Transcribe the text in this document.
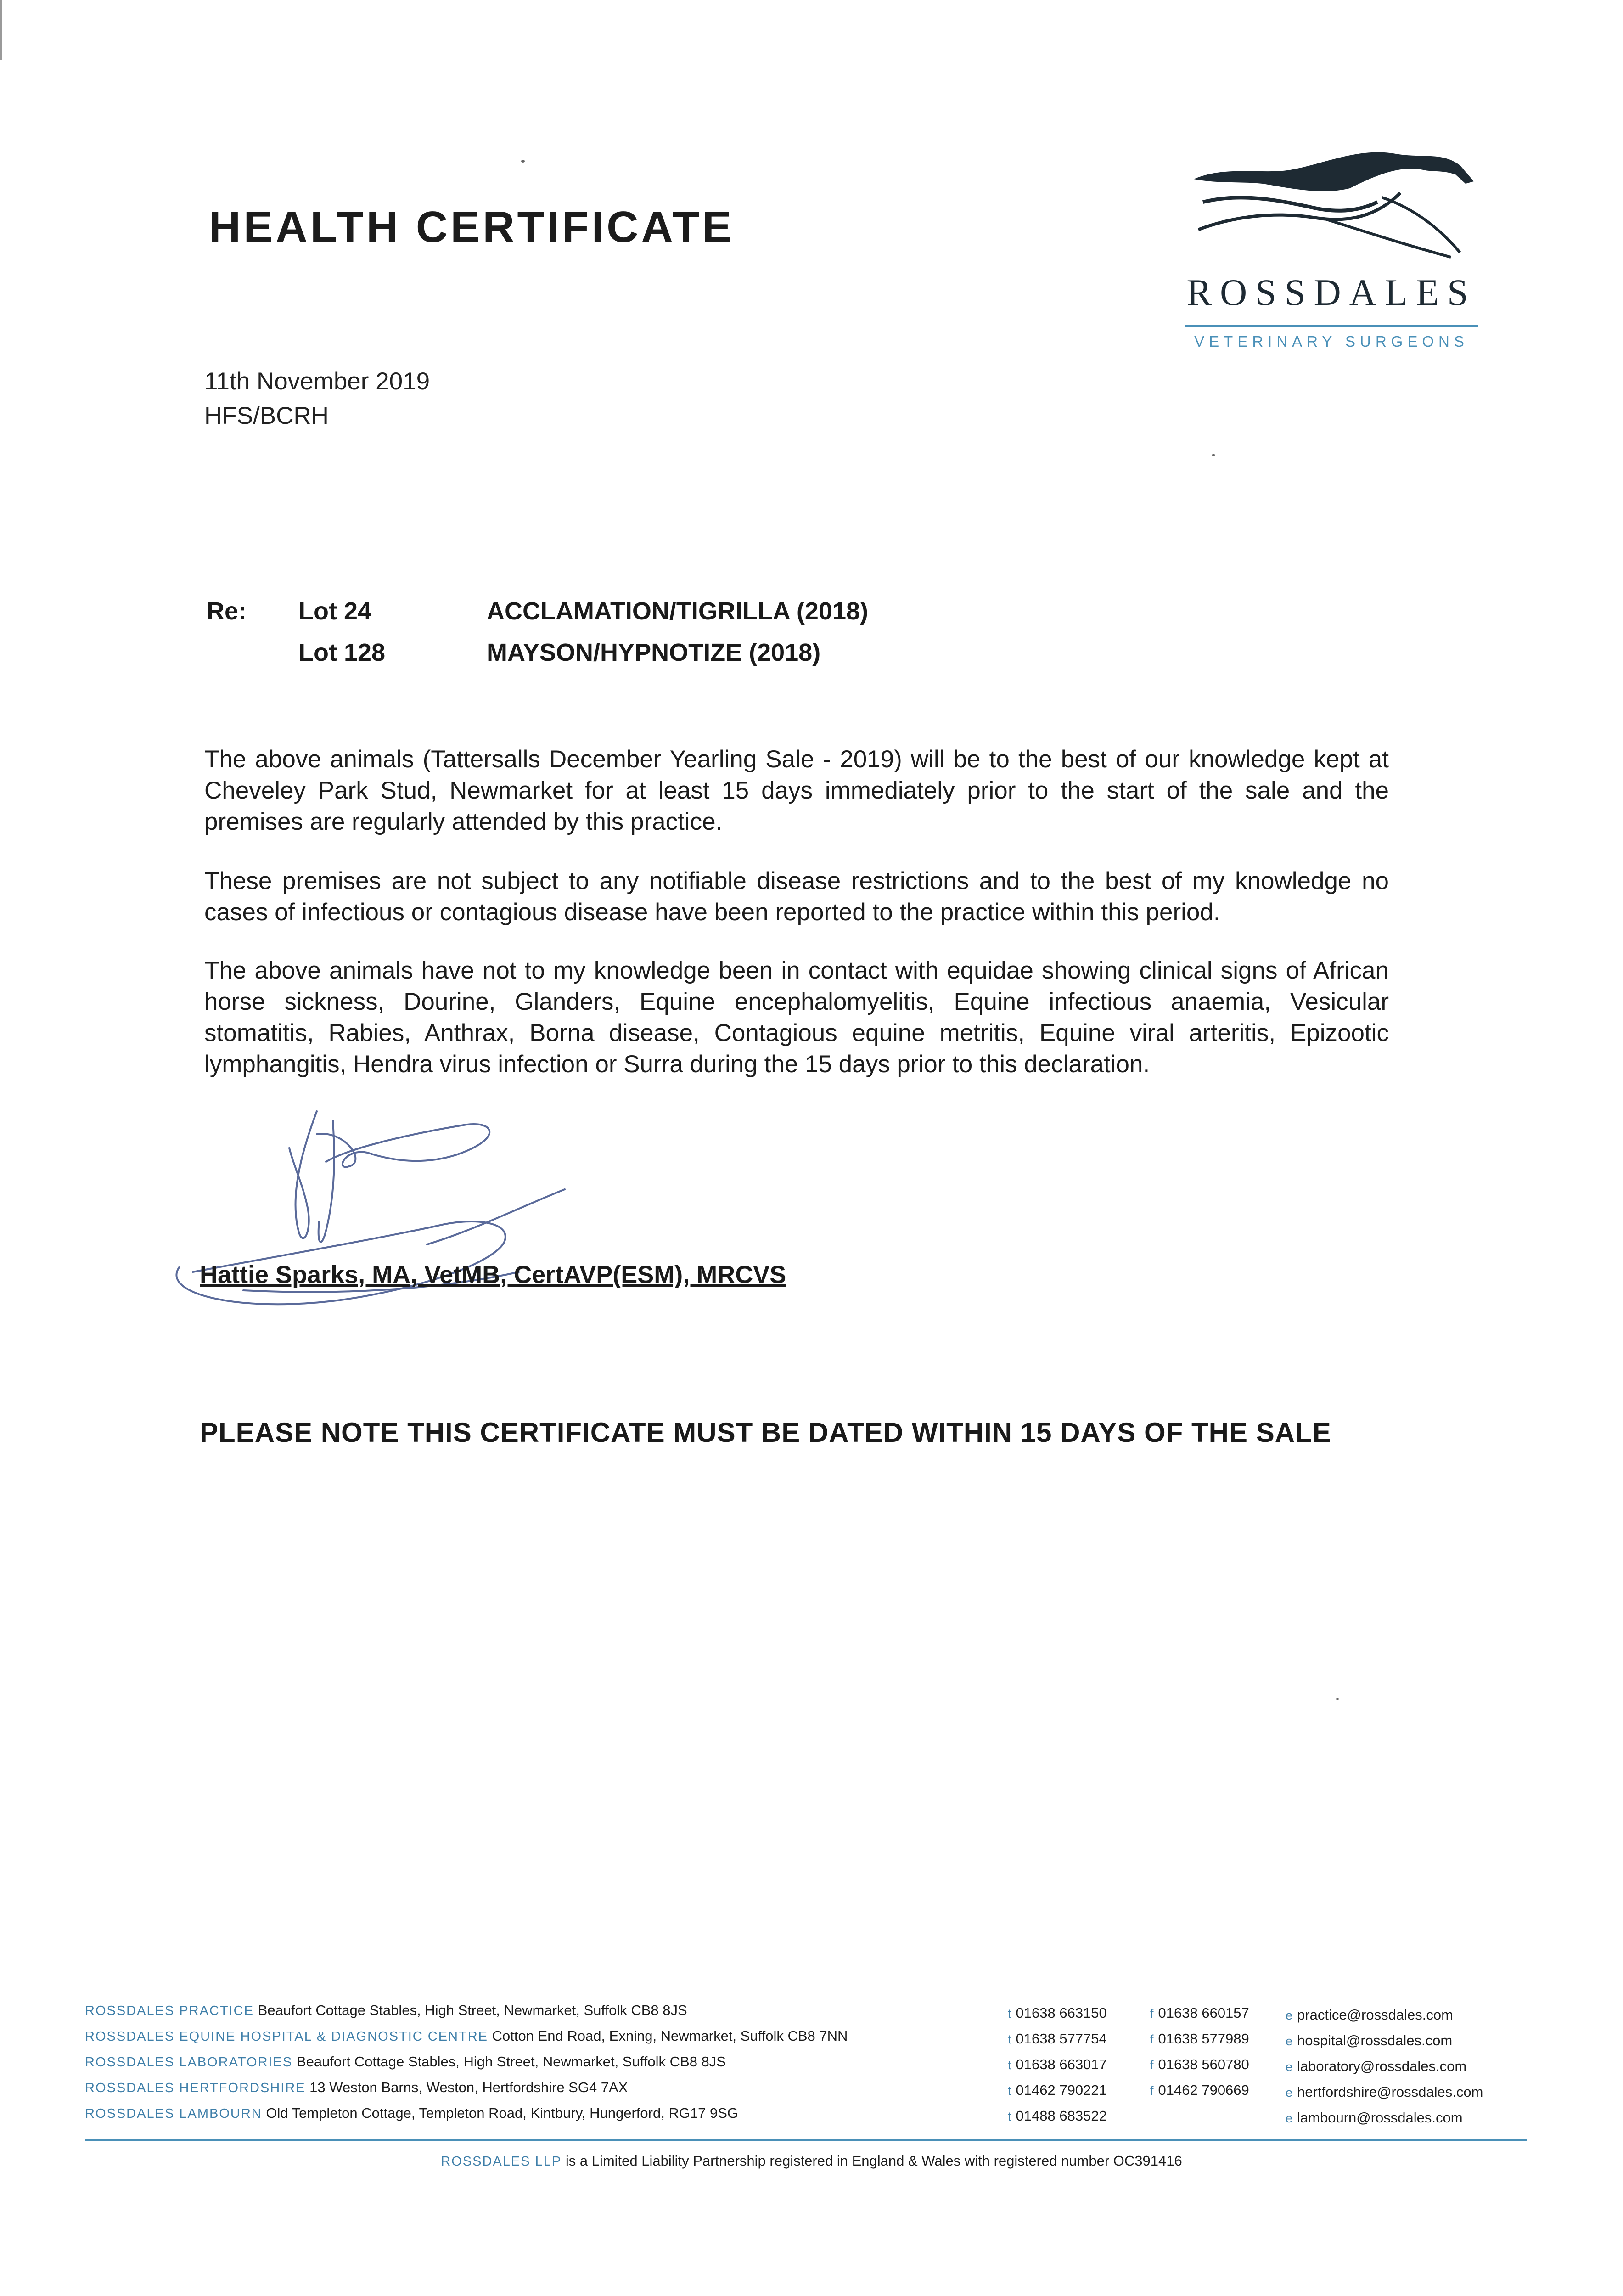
HEALTH CERTIFICATE
ROSSDALES
VETERINARY SURGEONS
11th November 2019
HFS/BCRH
Re: Lot 24	ACCLAMATION/TIGRILLA (2018)
Lot 128	MAYSON/HYPNOTIZE (2018)
The above animals (Tattersalls December Yearling Sale - 2019) will be to the best of our knowledge kept at Cheveley Park Stud, Newmarket for at least 15 days immediately prior to the start of the sale and the premises are regularly attended by this practice.
These premises are not subject to any notifiable disease restrictions and to the best of my knowledge no cases of infectious or contagious disease have been reported to the practice within this period.
The above animals have not to my knowledge been in contact with equidae showing clinical signs of African horse sickness, Dourine, Glanders, Equine encephalomyelitis, Equine infectious anaemia, Vesicular stomatitis, Rabies, Anthrax, Borna disease, Contagious equine metritis, Equine viral arteritis, Epizootic lymphangitis, Hendra virus infection or Surra during the 15 days prior to this declaration.
Hattie Sparks, MA, VetMB, CertAVP(ESM), MRCVS
PLEASE NOTE THIS CERTIFICATE MUST BE DATED WITHIN 15 DAYS OF THE SALE
ROSSDALES PRACTICE Beaufort Cottage Stables, High Street, Newmarket, Suffolk CB8 8JS
ROSSDALES EQUINE HOSPITAL & DIAGNOSTIC CENTRE Cotton End Road, Exning, Newmarket, Suffolk CB8 7NN
ROSSDALES LABORATORIES Beaufort Cottage Stables, High Street, Newmarket, Suffolk CB8 8JS
ROSSDALES HERTFORDSHIRE 13 Weston Barns, Weston, Hertfordshire SG4 7AX
ROSSDALES LAMBOURN Old Templeton Cottage, Templeton Road, Kintbury, Hungerford, RG17 9SG
t 01638 663150
t 01638 577754
t 01638 663017
t 01462 790221
t 01488 683522
f 01638 660157
f 01638 577989
f 01638 560780
f 01462 790669
e practice@rossdales.com
e hospital@rossdales.com
e laboratory@rossdales.com
e hertfordshire@rossdales.com
e lambourn@rossdales.com
ROSSDALES LLP is a Limited Liability Partnership registered in England & Wales with registered number OC391416
